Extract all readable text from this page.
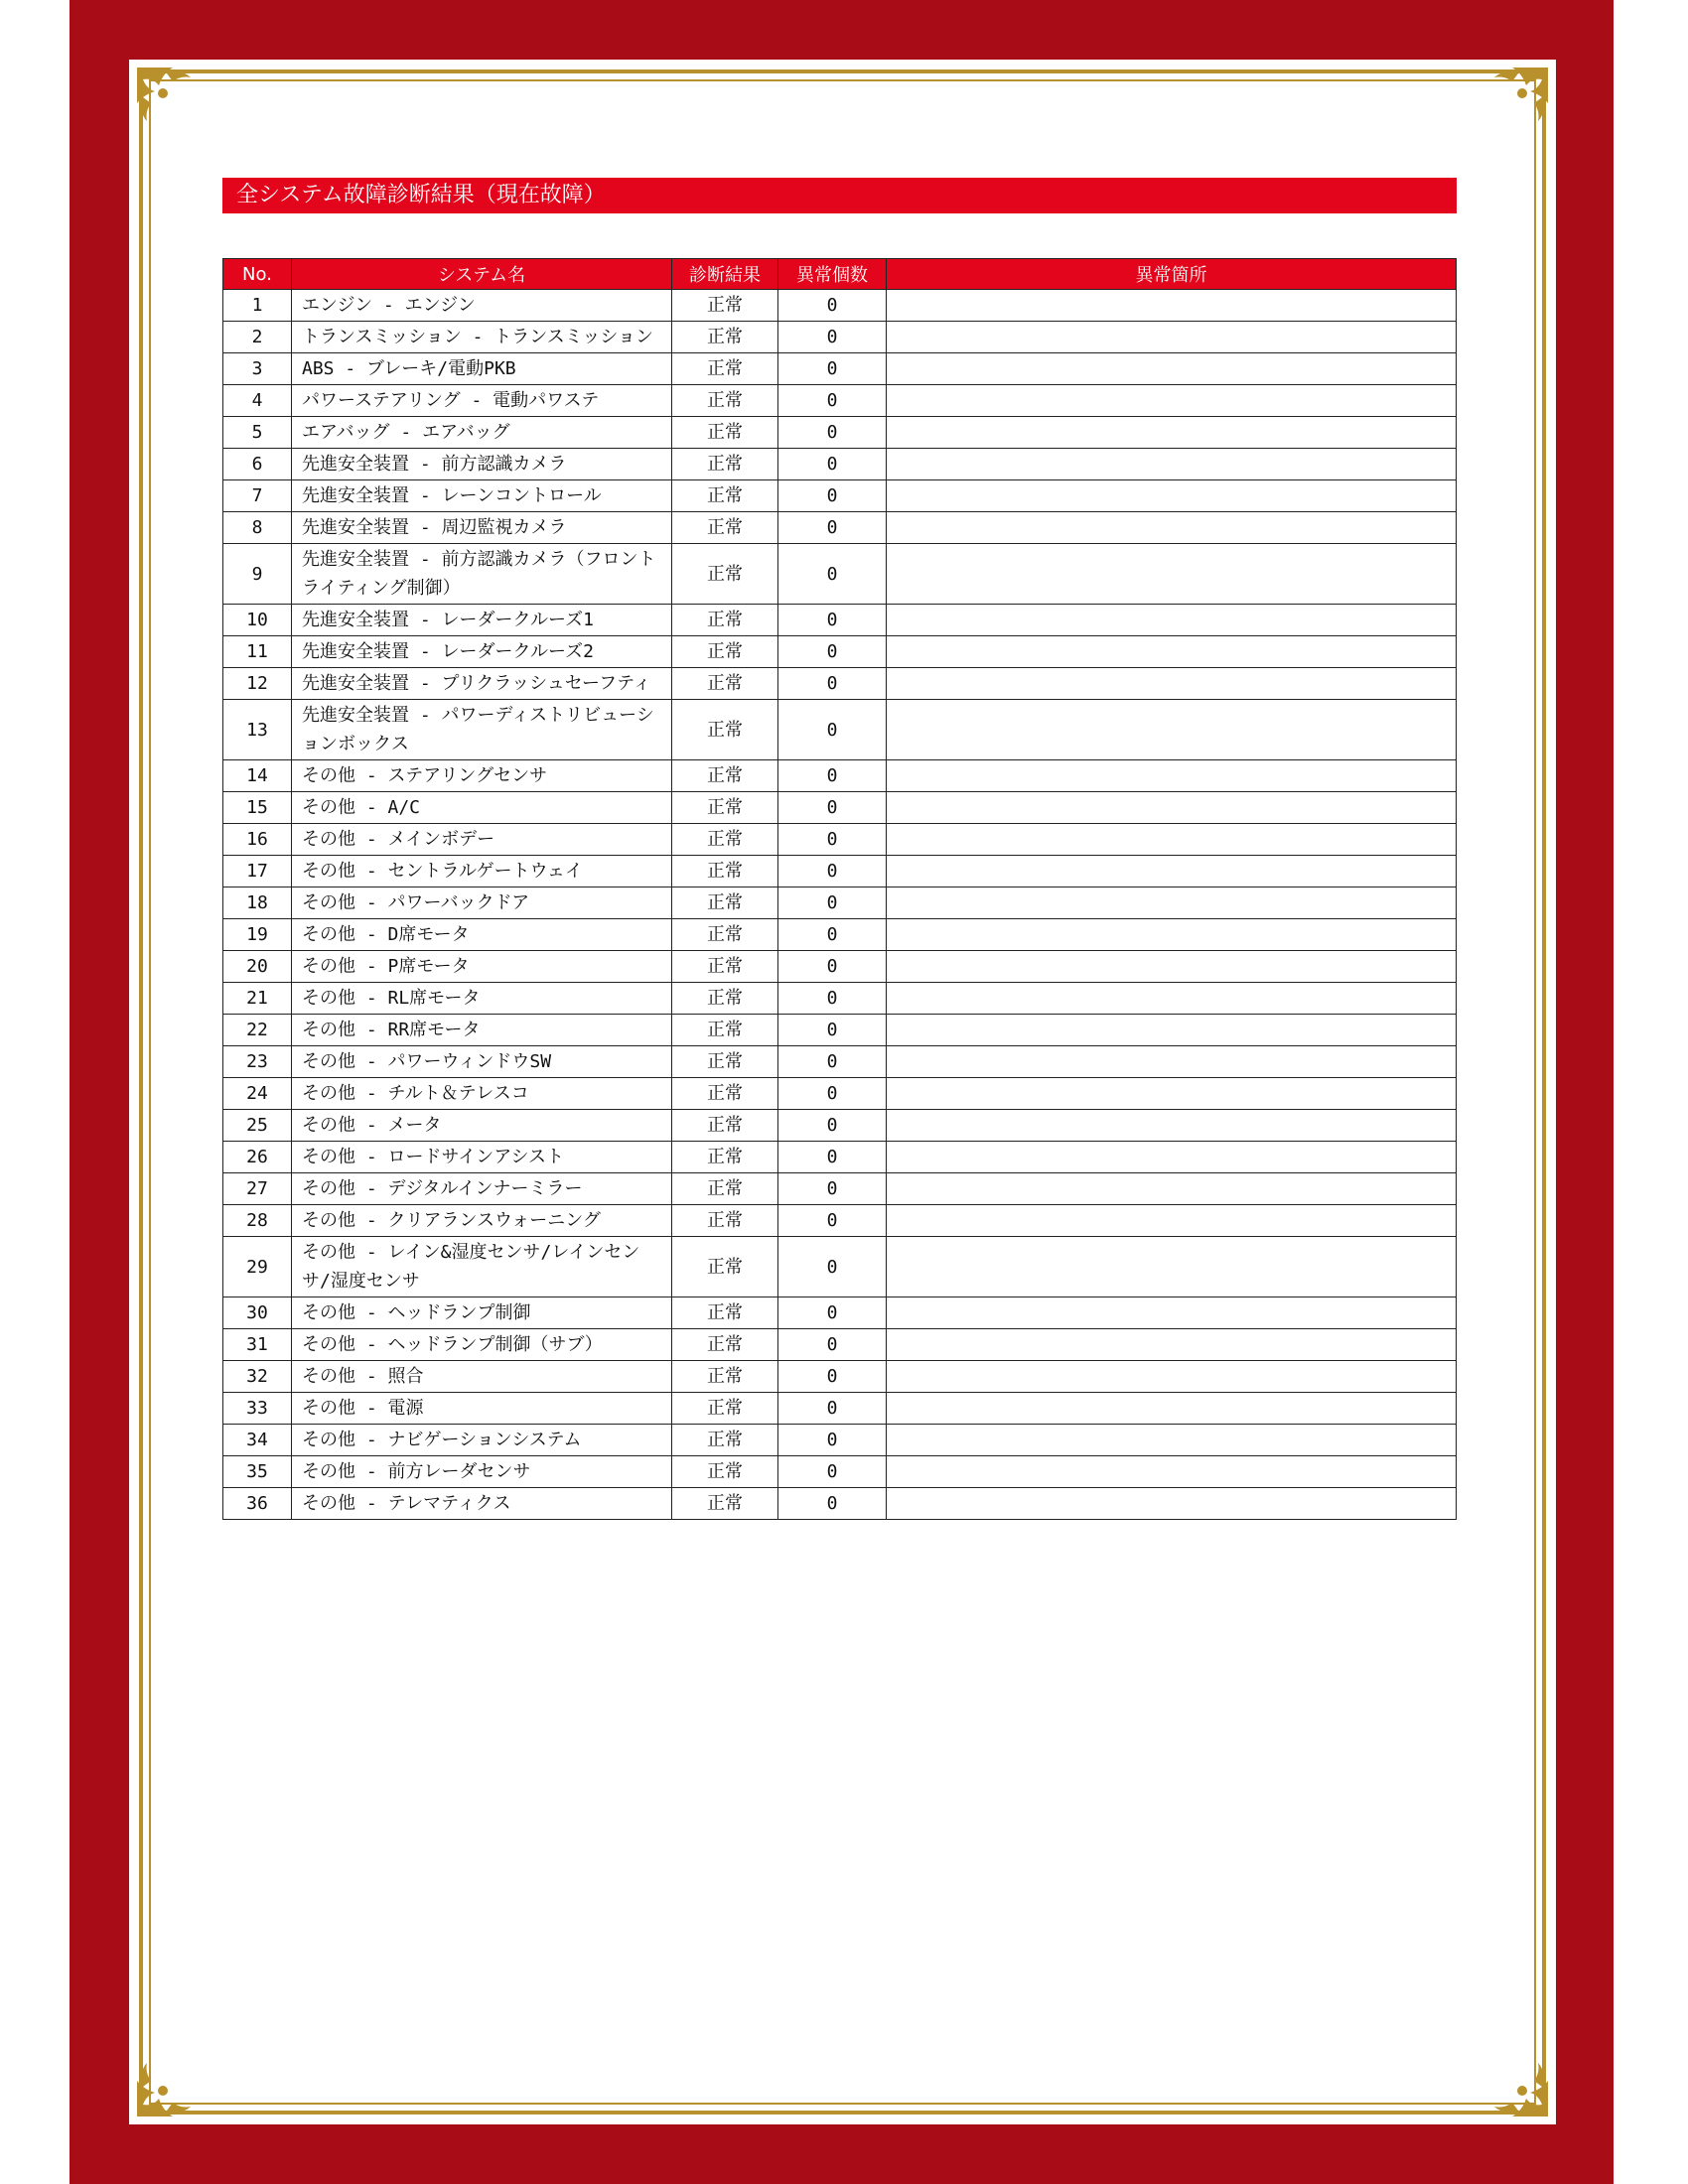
全システム故障診断結果（現在故障）
No.	システム名	診断結果	異常個数	異常箇所
1	エンジン - エンジン	正常	0	
2	トランスミッション - トランスミッション	正常	0	
3	ABS - ブレーキ/電動PKB	正常	0	
4	パワーステアリング - 電動パワステ	正常	0	
5	エアバッグ - エアバッグ	正常	0	
6	先進安全装置 - 前方認識カメラ	正常	0	
7	先進安全装置 - レーンコントロール	正常	0	
8	先進安全装置 - 周辺監視カメラ	正常	0	
9	先進安全装置 - 前方認識カメラ（フロントライティング制御）	正常	0	
10	先進安全装置 - レーダークルーズ1	正常	0	
11	先進安全装置 - レーダークルーズ2	正常	0	
12	先進安全装置 - プリクラッシュセーフティ	正常	0	
13	先進安全装置 - パワーディストリビューションボックス	正常	0	
14	その他 - ステアリングセンサ	正常	0	
15	その他 - A/C	正常	0	
16	その他 - メインボデー	正常	0	
17	その他 - セントラルゲートウェイ	正常	0	
18	その他 - パワーバックドア	正常	0	
19	その他 - D席モータ	正常	0	
20	その他 - P席モータ	正常	0	
21	その他 - RL席モータ	正常	0	
22	その他 - RR席モータ	正常	0	
23	その他 - パワーウィンドウSW	正常	0	
24	その他 - チルト＆テレスコ	正常	0	
25	その他 - メータ	正常	0	
26	その他 - ロードサインアシスト	正常	0	
27	その他 - デジタルインナーミラー	正常	0	
28	その他 - クリアランスウォーニング	正常	0	
29	その他 - レイン&湿度センサ/レインセンサ/湿度センサ	正常	0	
30	その他 - ヘッドランプ制御	正常	0	
31	その他 - ヘッドランプ制御（サブ）	正常	0	
32	その他 - 照合	正常	0	
33	その他 - 電源	正常	0	
34	その他 - ナビゲーションシステム	正常	0	
35	その他 - 前方レーダセンサ	正常	0	
36	その他 - テレマティクス	正常	0	
